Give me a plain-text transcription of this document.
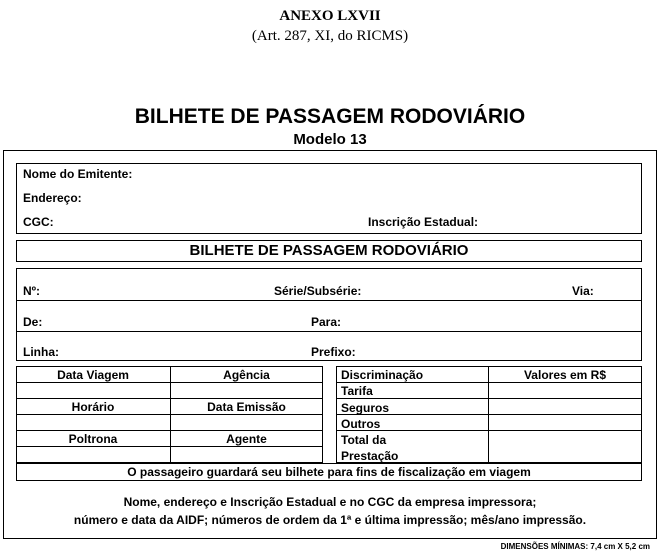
ANEXO LXVII
(Art. 287, XI, do RICMS)
BILHETE DE PASSAGEM RODOVIÁRIO
Modelo 13
Nome do Emitente:
Endereço:
CGC:	Inscrição Estadual:
BILHETE DE PASSAGEM RODOVIÁRIO
Nº:	Série/Subsérie:	Via:
De:	Para:
Linha:	Prefixo:
Data Viagem	Agência
Horário	Data Emissão
Poltrona	Agente
Discriminação	Valores em R$
Tarifa
Seguros
Outros
Total da
Prestação
O passageiro guardará seu bilhete para fins de fiscalização em viagem
Nome, endereço e Inscrição Estadual e no CGC da empresa impressora;
número e data da AIDF; números de ordem da 1ª e última impressão; mês/ano impressão.
DIMENSÕES MÍNIMAS: 7,4 cm X 5,2 cm
